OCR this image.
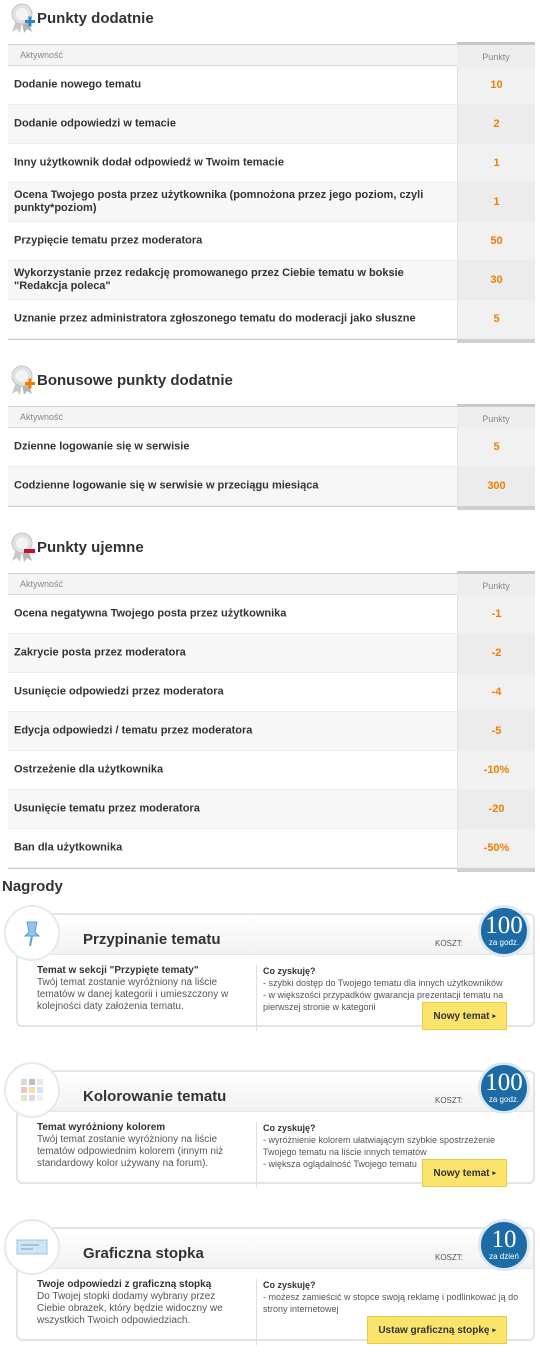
Punkty dodatnie
Aktywność	Punkty
Dodanie nowego tematu	10
Dodanie odpowiedzi w temacie	2
Inny użytkownik dodał odpowiedź w Twoim temacie	1
Ocena Twojego posta przez użytkownika (pomnożona przez jego poziom, czyli punkty*poziom)	1
Przypięcie tematu przez moderatora	50
Wykorzystanie przez redakcję promowanego przez Ciebie tematu w boksie "Redakcja poleca"	30
Uznanie przez administratora zgłoszonego tematu do moderacji jako słuszne	5
Bonusowe punkty dodatnie
Aktywność	Punkty
Dzienne logowanie się w serwisie	5
Codzienne logowanie się w serwisie w przeciągu miesiąca	300
Punkty ujemne
Aktywność	Punkty
Ocena negatywna Twojego posta przez użytkownika	-1
Zakrycie posta przez moderatora	-2
Usunięcie odpowiedzi przez moderatora	-4
Edycja odpowiedzi / tematu przez moderatora	-5
Ostrzeżenie dla użytkownika	-10%
Usunięcie tematu przez moderatora	-20
Ban dla użytkownika	-50%
Nagrody
Przypinanie tematu	KOSZT:
Temat w sekcji "Przypięte tematy"
Twój temat zostanie wyróżniony na liście tematów w danej kategorii i umieszczony w kolejności daty założenia tematu.
Co zyskuję?
- szybki dostęp do Twojego tematu dla innych użytkowników
- w większości przypadków gwarancja prezentacji tematu na pierwszej stronie w kategorii
100
za godz.
Nowy temat ▸
Kolorowanie tematu	KOSZT:
Temat wyróżniony kolorem
Twój temat zostanie wyróżniony na liście tematów odpowiednim kolorem (innym niż standardowy kolor używany na forum).
Co zyskuję?
- wyróżnienie kolorem ułatwiającym szybkie spostrzeżenie Twojego tematu na liście innych tematów
- większa oglądalność Twojego tematu
100
za godz.
Nowy temat ▸
Graficzna stopka	KOSZT:
Twoje odpowiedzi z graficzną stopką
Do Twojej stopki dodamy wybrany przez Ciebie obrazek, który będzie widoczny we wszystkich Twoich odpowiedziach.
Co zyskuję?
- możesz zamieścić w stopce swoją reklamę i podlinkować ją do strony internetowej
10
za dzień
Ustaw graficzną stopkę ▸
